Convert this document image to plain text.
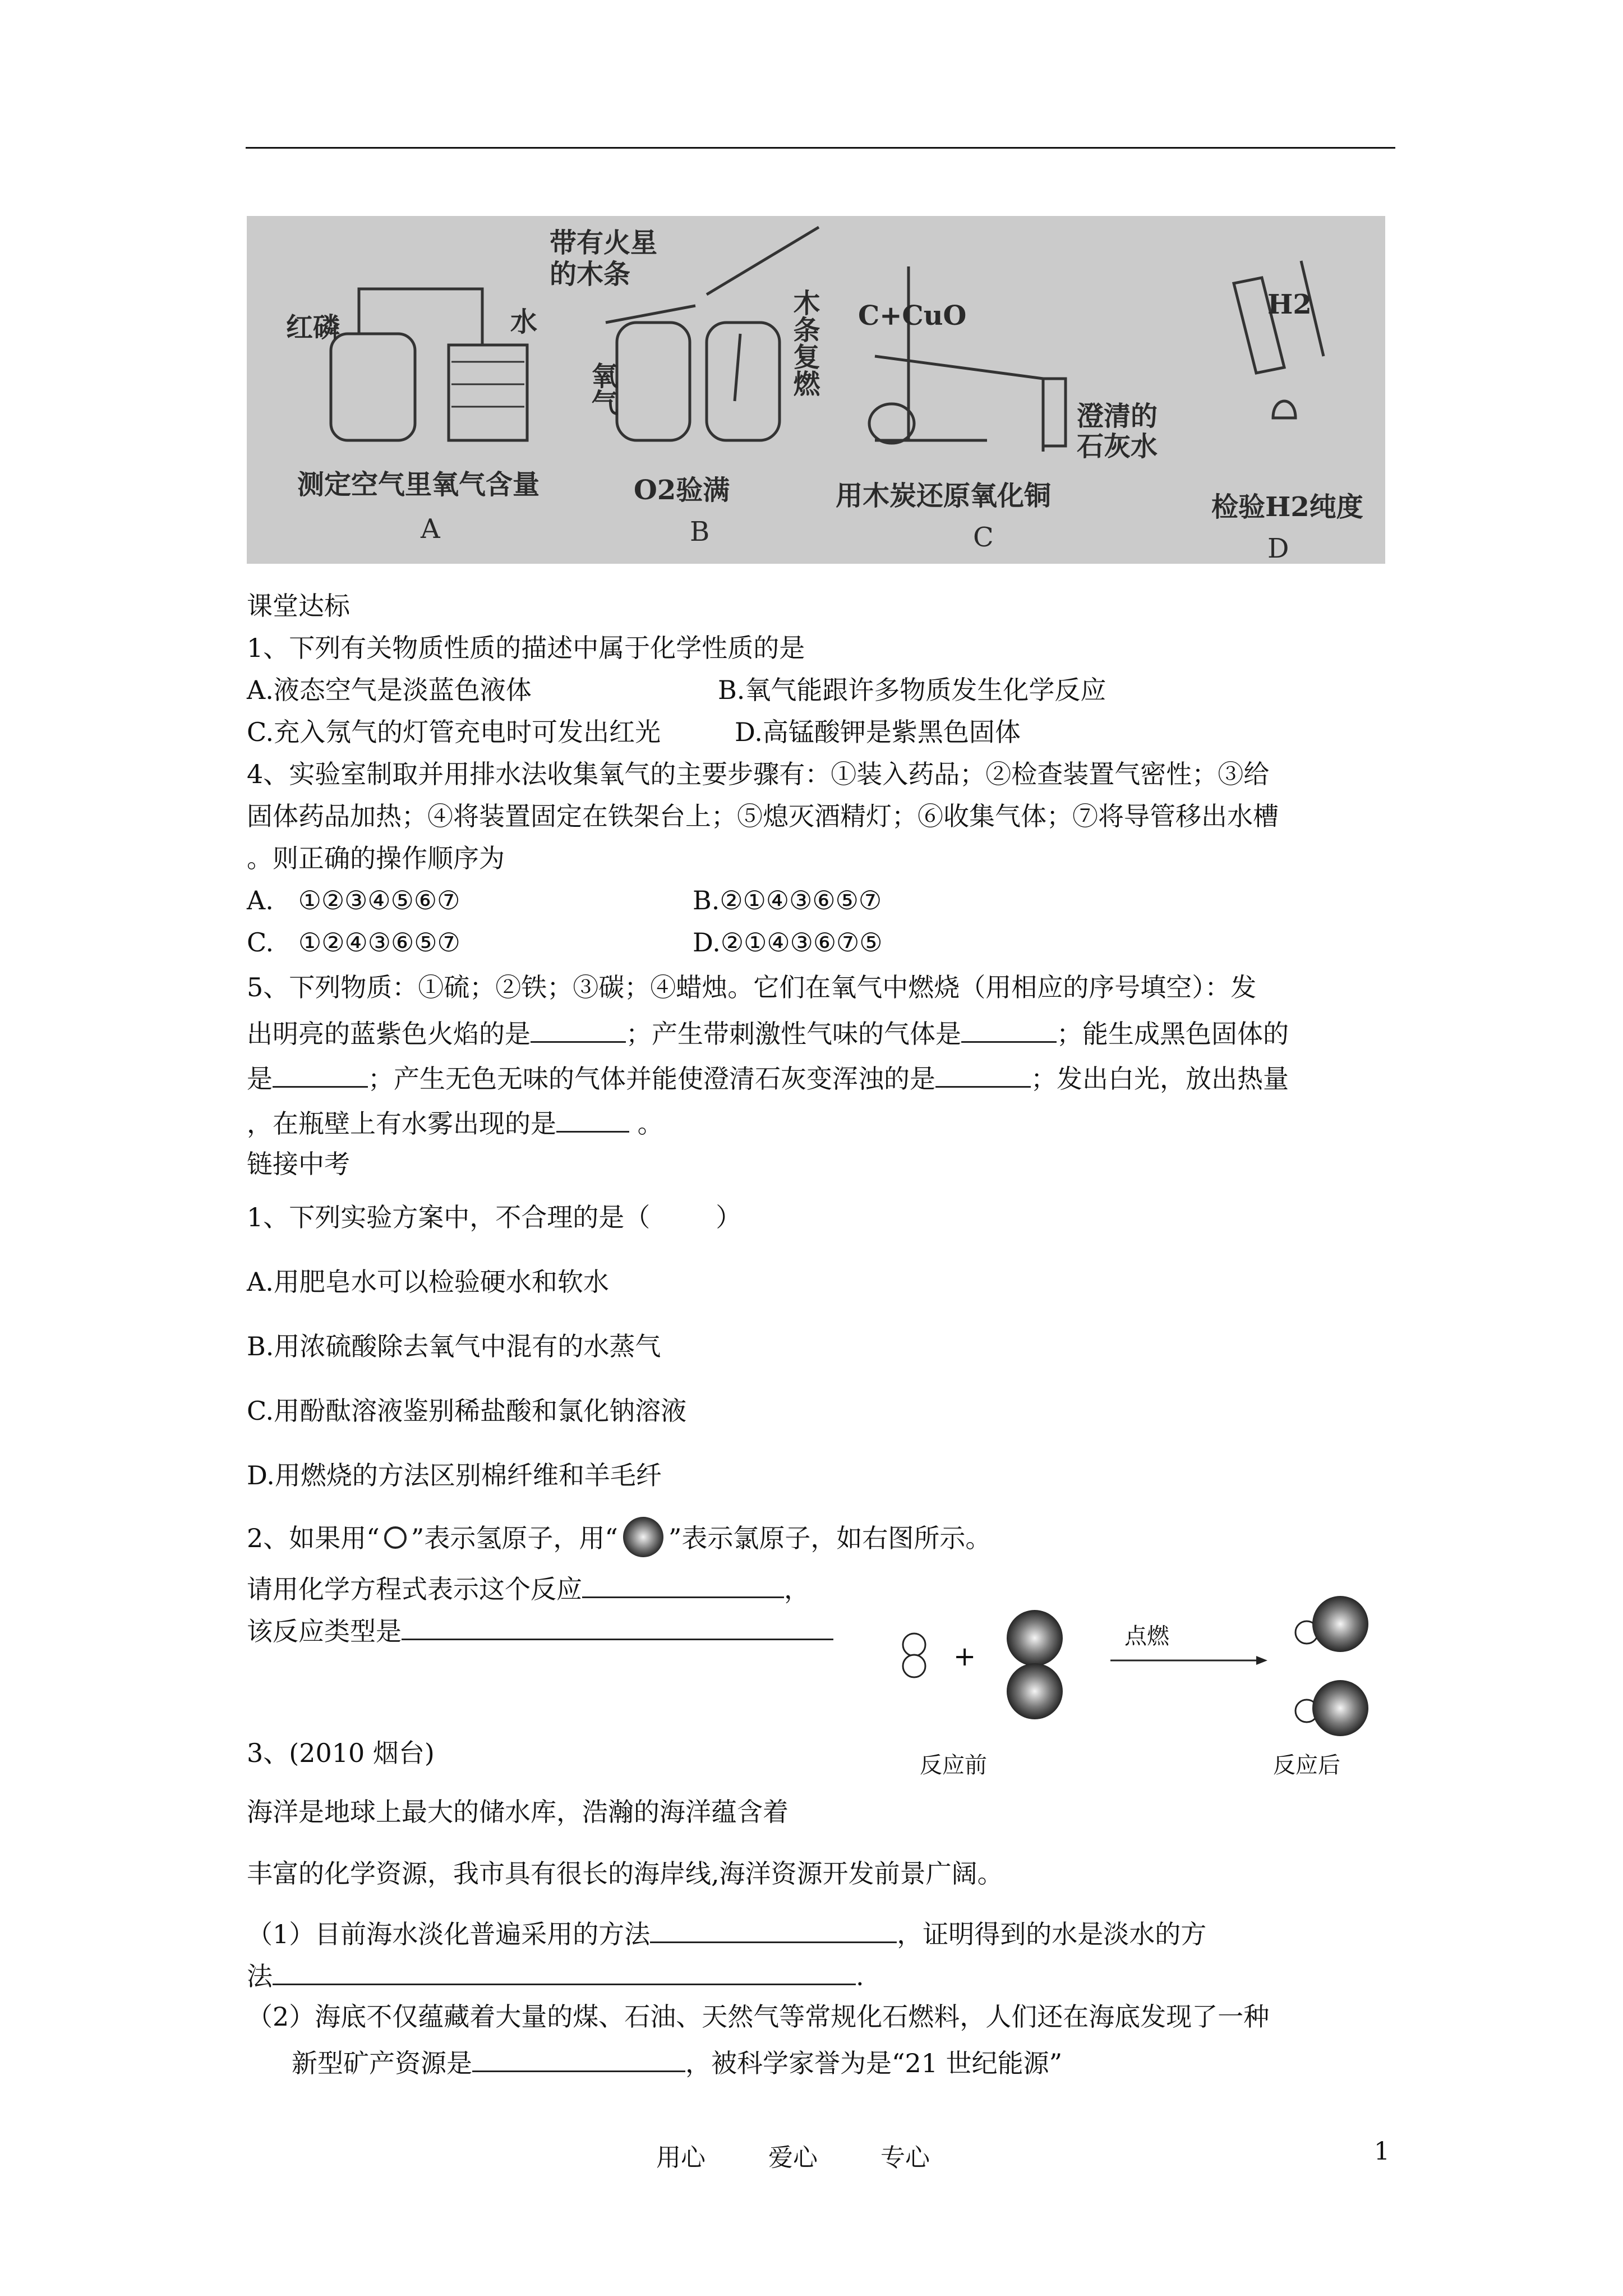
红磷	水
带有火星
的木条
氧气	木条复燃 C+CuO
澄清的
石灰水
H2
测定空气里氧气含量	O2验满	用木炭还原氧化铜	检验H2纯度
A	B	C	D
课堂达标
1、下列有关物质性质的描述中属于化学性质的是
A.液态空气是淡蓝色液体	B.氧气能跟许多物质发生化学反应
C.充入氖气的灯管充电时可发出红光	D.高锰酸钾是紫黑色固体
4、实验室制取并用排水法收集氧气的主要步骤有：①装入药品；②检查装置气密性；③给
固体药品加热；④将装置固定在铁架台上；⑤熄灭酒精灯；⑥收集气体；⑦将导管移出水槽
。则正确的操作顺序为
A.   ①②③④⑤⑥⑦	B.②①④③⑥⑤⑦
C.   ①②④③⑥⑤⑦	D.②①④③⑥⑦⑤
5、下列物质：①硫；②铁；③碳；④蜡烛。它们在氧气中燃烧（用相应的序号填空）：发
出明亮的蓝紫色火焰的是	；产生带刺激性气味的气体是	；能生成黑色固体的
是	；产生无色无味的气体并能使澄清石灰变浑浊的是	；发出白光，放出热量
，在瓶壁上有水雾出现的是	。
链接中考
1、下列实验方案中，不合理的是（        ）
A.用肥皂水可以检验硬水和软水
B.用浓硫酸除去氧气中混有的水蒸气
C.用酚酞溶液鉴别稀盐酸和氯化钠溶液
D.用燃烧的方法区别棉纤维和羊毛纤
2、如果用“ ”表示氢原子，用“ ”表示氯原子，如右图所示。
请用化学方程式表示这个反应	，
该反应类型是
+
点燃
反应前	反应后
3、(2010 烟台)
海洋是地球上最大的储水库，浩瀚的海洋蕴含着
丰富的化学资源，我市具有很长的海岸线,海洋资源开发前景广阔。
（1）目前海水淡化普遍采用的方法	，证明得到的水是淡水的方
法	.
（2）海底不仅蕴藏着大量的煤、石油、天然气等常规化石燃料，人们还在海底发现了一种
新型矿产资源是	，被科学家誉为是“21 世纪能源”
用心	爱心	专心	1
